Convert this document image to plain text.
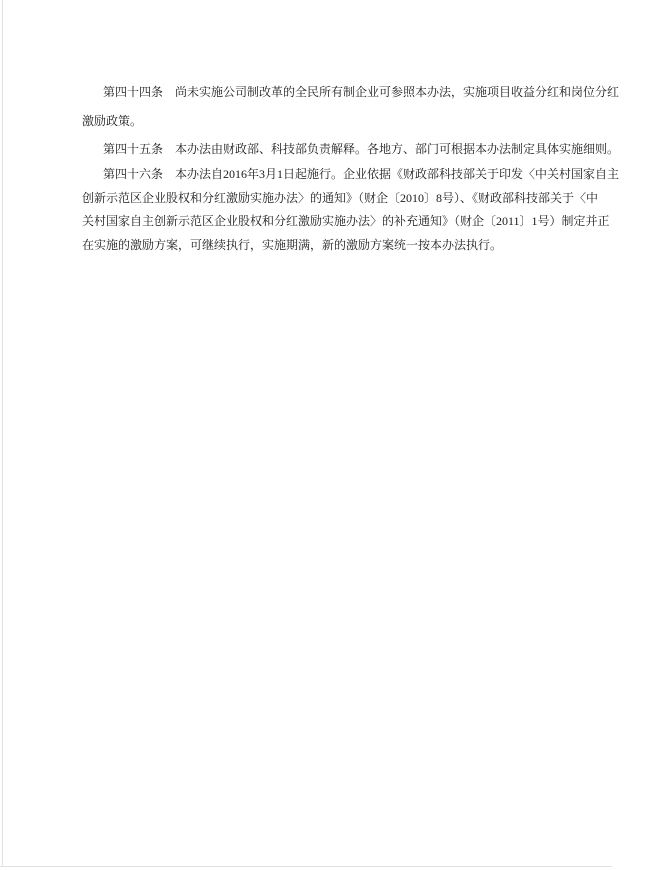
第四十四条　尚未实施公司制改革的全民所有制企业可参照本办法，实施项目收益分红和岗位分红
激励政策。
第四十五条　本办法由财政部、科技部负责解释。各地方、部门可根据本办法制定具体实施细则。
第四十六条　本办法自2016年3月1日起施行。企业依据《财政部科技部关于印发〈中关村国家自主
创新示范区企业股权和分红激励实施办法〉的通知》（财企〔2010〕8号）、《财政部科技部关于〈中
关村国家自主创新示范区企业股权和分红激励实施办法〉的补充通知》（财企〔2011〕1号）制定并正
在实施的激励方案，可继续执行，实施期满，新的激励方案统一按本办法执行。
